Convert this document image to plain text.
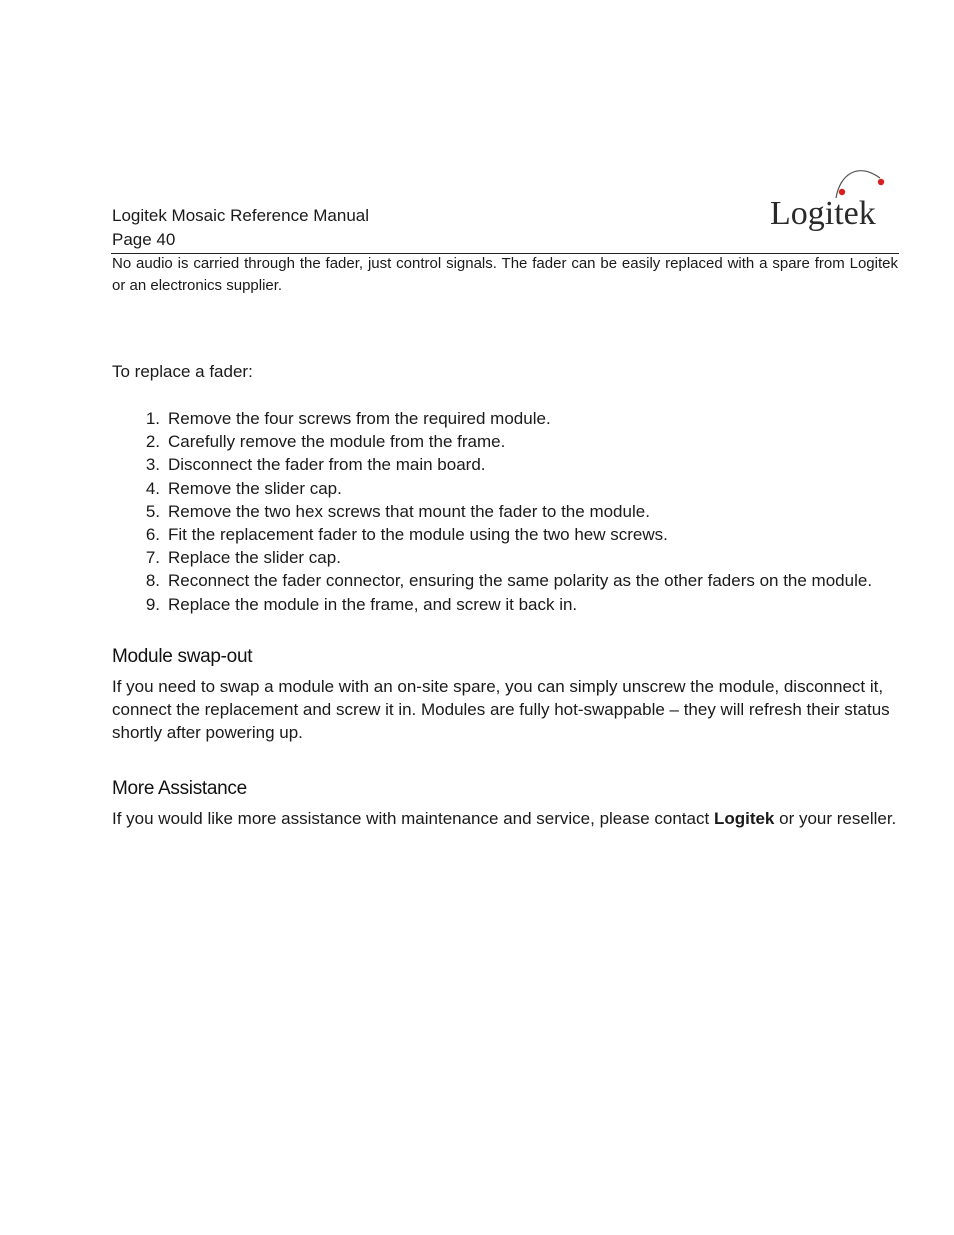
Logitek Mosaic Reference Manual
Page 40
Logitek

No audio is carried through the fader, just control signals. The fader can be easily replaced with a spare from Logitek or an electronics supplier.

To replace a fader:

1. Remove the four screws from the required module.
2. Carefully remove the module from the frame.
3. Disconnect the fader from the main board.
4. Remove the slider cap.
5. Remove the two hex screws that mount the fader to the module.
6. Fit the replacement fader to the module using the two hew screws.
7. Replace the slider cap.
8. Reconnect the fader connector, ensuring the same polarity as the other faders on the module.
9. Replace the module in the frame, and screw it back in.
Module swap-out

If you need to swap a module with an on-site spare, you can simply unscrew the module, disconnect it, connect the replacement and screw it in. Modules are fully hot-swappable – they will refresh their status shortly after powering up.

More Assistance

If you would like more assistance with maintenance and service, please contact Logitek or your reseller.
